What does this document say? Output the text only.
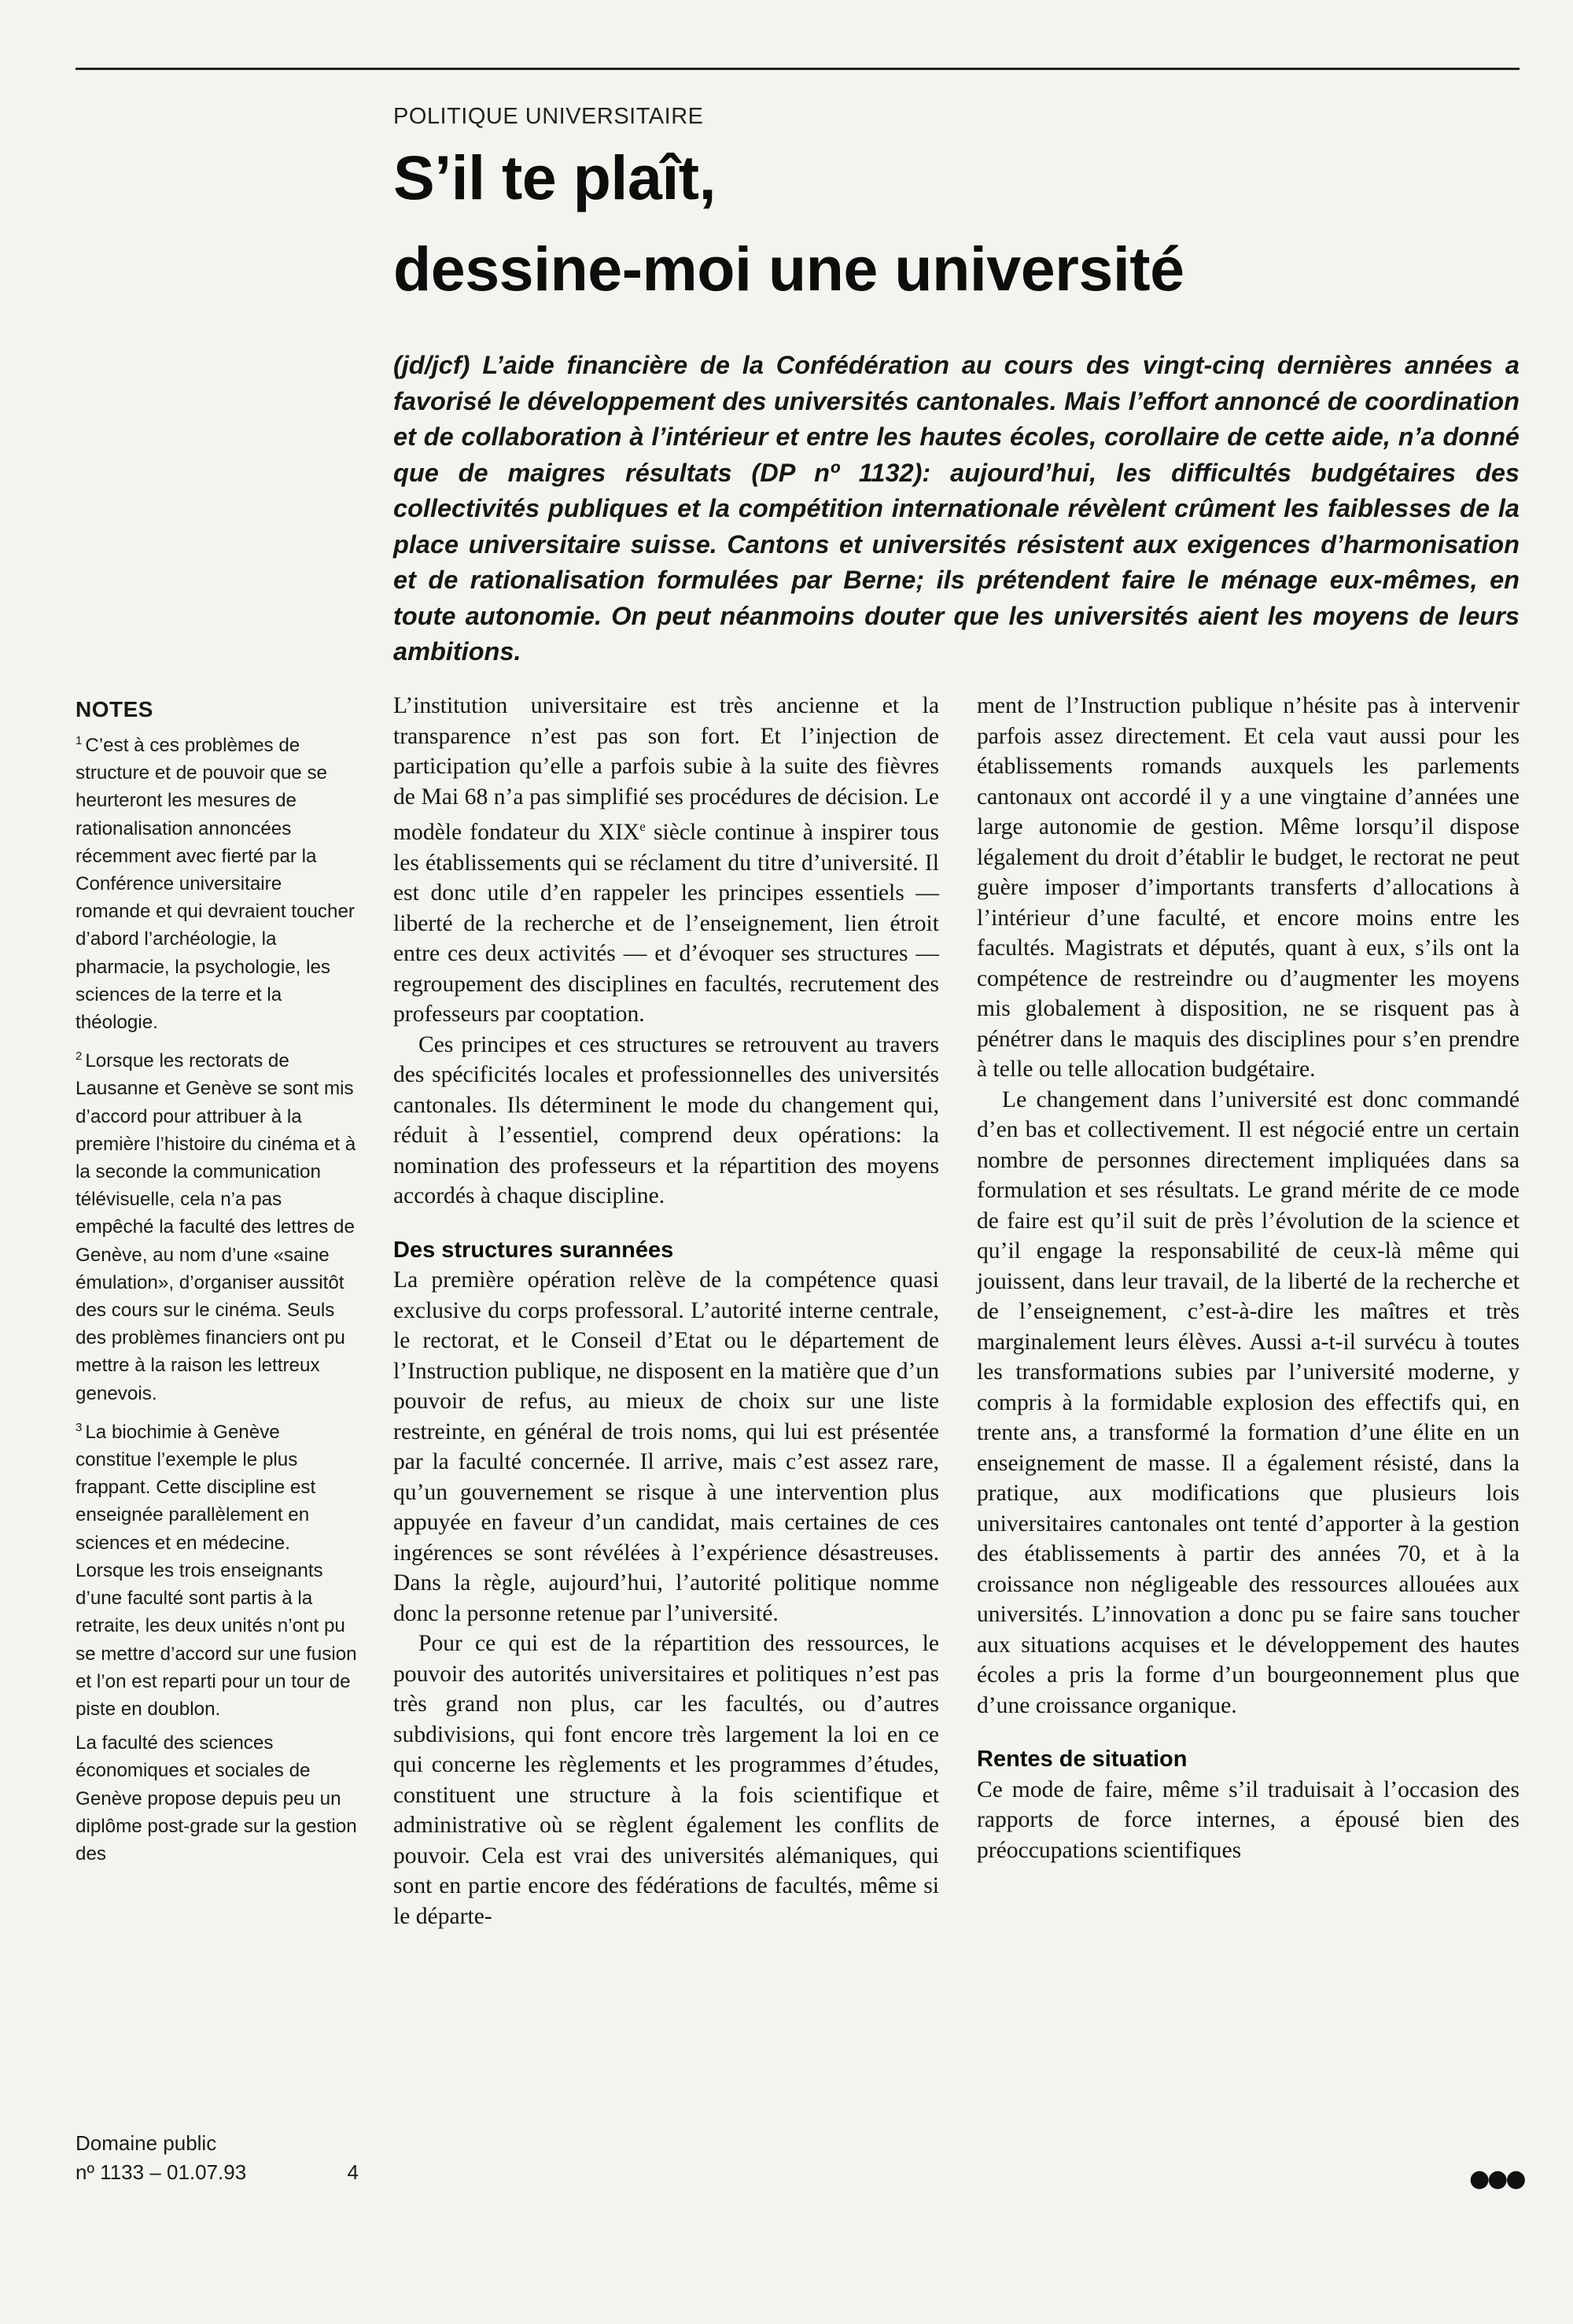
POLITIQUE UNIVERSITAIRE
S’il te plaît,
dessine-moi une université

(jd/jcf) L’aide financière de la Confédération au cours des vingt-cinq dernières années a favorisé le développement des universités cantonales. Mais l’effort annoncé de coordination et de collaboration à l’intérieur et entre les hautes écoles, corollaire de cette aide, n’a donné que de maigres résultats (DP nº 1132): aujourd’hui, les difficultés budgétaires des collectivités publiques et la compétition internationale révèlent crûment les faiblesses de la place universitaire suisse. Cantons et universités résistent aux exigences d’harmonisation et de rationalisation formulées par Berne; ils prétendent faire le ménage eux-mêmes, en toute autonomie. On peut néanmoins douter que les universités aient les moyens de leurs ambitions.

NOTES

$^1$ C’est à ces problèmes de structure et de pouvoir que se heurteront les mesures de rationalisation annoncées récemment avec fierté par la Conférence universitaire romande et qui devraient toucher d’abord l’archéologie, la pharmacie, la psychologie, les sciences de la terre et la théologie.

$^2$ Lorsque les rectorats de Lausanne et Genève se sont mis d’accord pour attribuer à la première l’histoire du cinéma et à la seconde la communication télévisuelle, cela n’a pas empêché la faculté des lettres de Genève, au nom d’une «saine émulation», d’organiser aussitôt des cours sur le cinéma. Seuls des problèmes financiers ont pu mettre à la raison les lettreux genevois.

$^3$ La biochimie à Genève constitue l’exemple le plus frappant. Cette discipline est enseignée parallèlement en sciences et en médecine. Lorsque les trois enseignants d’une faculté sont partis à la retraite, les deux unités n’ont pu se mettre d’accord sur une fusion et l’on est reparti pour un tour de piste en doublon.

La faculté des sciences économiques et sociales de Genève propose depuis peu un diplôme post-grade sur la gestion des

L’institution universitaire est très ancienne et la transparence n’est pas son fort. Et l’injection de participation qu’elle a parfois subie à la suite des fièvres de Mai 68 n’a pas simplifié ses procédures de décision. Le modèle fondateur du XIXe siècle continue à inspirer tous les établissements qui se réclament du titre d’université. Il est donc utile d’en rappeler les principes essentiels — liberté de la recherche et de l’enseignement, lien étroit entre ces deux activités — et d’évoquer ses structures — regroupement des disciplines en facultés, recrutement des professeurs par cooptation.

Ces principes et ces structures se retrouvent au travers des spécificités locales et professionnelles des universités cantonales. Ils déterminent le mode du changement qui, réduit à l’essentiel, comprend deux opérations: la nomination des professeurs et la répartition des moyens accordés à chaque discipline.

Des structures surannées

La première opération relève de la compétence quasi exclusive du corps professoral. L’autorité interne centrale, le rectorat, et le Conseil d’Etat ou le département de l’Instruction publique, ne disposent en la matière que d’un pouvoir de refus, au mieux de choix sur une liste restreinte, en général de trois noms, qui lui est présentée par la faculté concernée. Il arrive, mais c’est assez rare, qu’un gouvernement se risque à une intervention plus appuyée en faveur d’un candidat, mais certaines de ces ingérences se sont révélées à l’expérience désastreuses. Dans la règle, aujourd’hui, l’autorité politique nomme donc la personne retenue par l’université.

Pour ce qui est de la répartition des ressources, le pouvoir des autorités universitaires et politiques n’est pas très grand non plus, car les facultés, ou d’autres subdivisions, qui font encore très largement la loi en ce qui concerne les règlements et les programmes d’études, constituent une structure à la fois scientifique et administrative où se règlent également les conflits de pouvoir. Cela est vrai des universités alémaniques, qui sont en partie encore des fédérations de facultés, même si le départe-

ment de l’Instruction publique n’hésite pas à intervenir parfois assez directement. Et cela vaut aussi pour les établissements romands auxquels les parlements cantonaux ont accordé il y a une vingtaine d’années une large autonomie de gestion. Même lorsqu’il dispose légalement du droit d’établir le budget, le rectorat ne peut guère imposer d’importants transferts d’allocations à l’intérieur d’une faculté, et encore moins entre les facultés. Magistrats et députés, quant à eux, s’ils ont la compétence de restreindre ou d’augmenter les moyens mis globalement à disposition, ne se risquent pas à pénétrer dans le maquis des disciplines pour s’en prendre à telle ou telle allocation budgétaire.

Le changement dans l’université est donc commandé d’en bas et collectivement. Il est négocié entre un certain nombre de personnes directement impliquées dans sa formulation et ses résultats. Le grand mérite de ce mode de faire est qu’il suit de près l’évolution de la science et qu’il engage la responsabilité de ceux-là même qui jouissent, dans leur travail, de la liberté de la recherche et de l’enseignement, c’est-à-dire les maîtres et très marginalement leurs élèves. Aussi a-t-il survécu à toutes les transformations subies par l’université moderne, y compris à la formidable explosion des effectifs qui, en trente ans, a transformé la formation d’une élite en un enseignement de masse. Il a également résisté, dans la pratique, aux modifications que plusieurs lois universitaires cantonales ont tenté d’apporter à la gestion des établissements à partir des années 70, et à la croissance non négligeable des ressources allouées aux universités. L’innovation a donc pu se faire sans toucher aux situations acquises et le développement des hautes écoles a pris la forme d’un bourgeonnement plus que d’une croissance organique.

Rentes de situation

Ce mode de faire, même s’il traduisait à l’occasion des rapports de force internes, a épousé bien des préoccupations scientifiques

●●●
Domaine public
nº 1133 – 01.07.93	4
